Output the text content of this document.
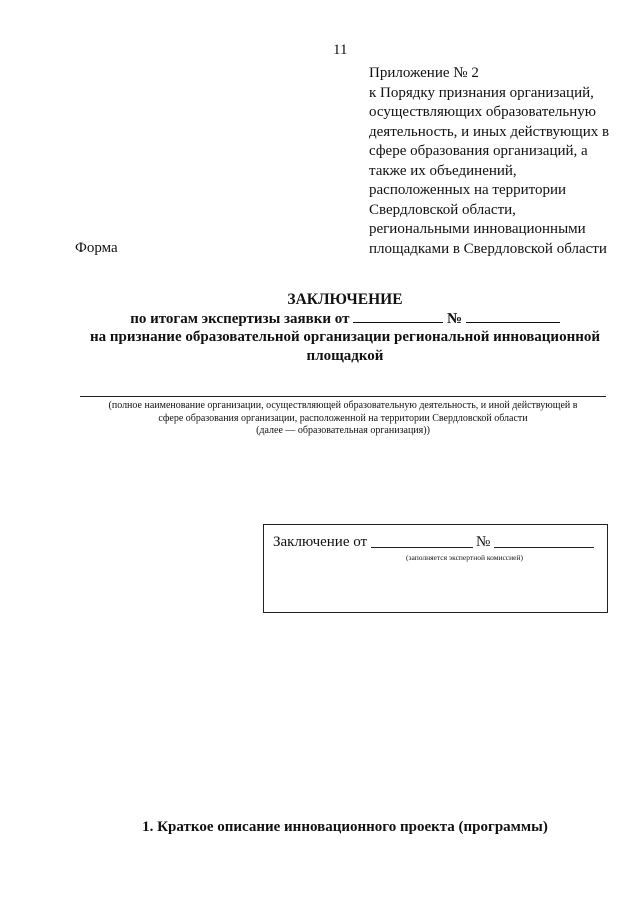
11
Приложение № 2
к Порядку признания организаций,
осуществляющих образовательную
деятельность, и иных действующих в
сфере образования организаций, а
также их объединений,
расположенных на территории
Свердловской области,
региональными инновационными
площадками в Свердловской области
Форма
ЗАКЛЮЧЕНИЕ
по итогам экспертизы заявки от	№
на признание образовательной организации региональной инновационной
площадкой
(полное наименование организации, осуществляющей образовательную деятельность, и иной действующей в
сфере образования организации, расположенной на территории Свердловской области
(далее — образовательная организация))
Заключение от	№
(заполняется экспертной комиссией)
1. Краткое описание инновационного проекта (программы)
